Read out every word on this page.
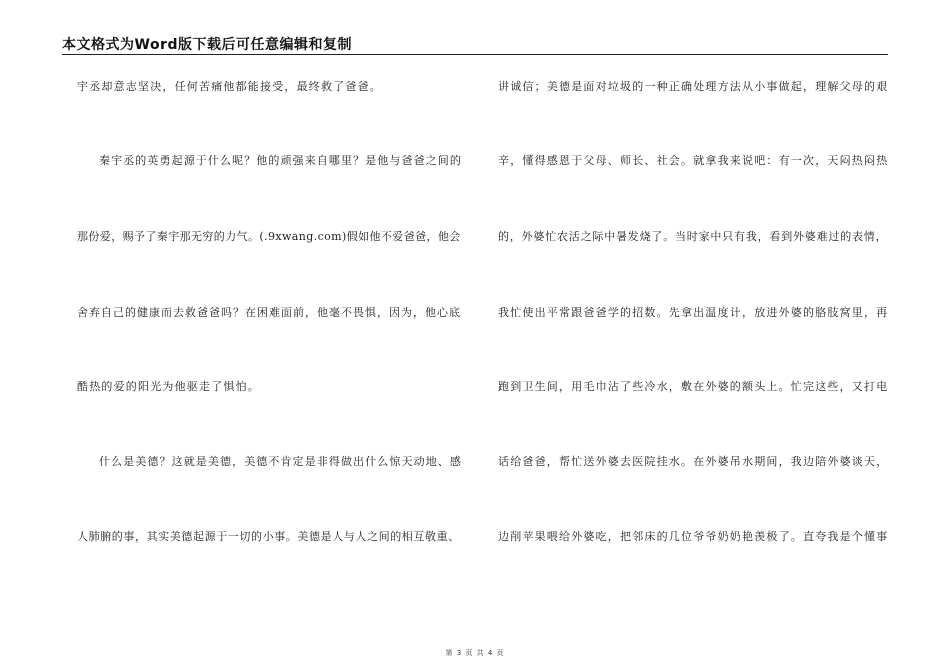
本文格式为Word版下载后可任意编辑和复制
宇丞却意志坚决，任何苦痛他都能接受，最终救了爸爸。
秦宇丞的英勇起源于什么呢？他的顽强来自哪里？是他与爸爸之间的
那份爱，赐予了秦宇那无穷的力气。(.9xwang.com)假如他不爱爸爸，他会
舍弃自己的健康而去救爸爸吗？在困难面前，他毫不畏惧，因为，他心底
酷热的爱的阳光为他驱走了惧怕。
什么是美德？这就是美德，美德不肯定是非得做出什么惊天动地、感
人肺腑的事，其实美德起源于一切的小事。美德是人与人之间的相互敬重、
讲诚信；美德是面对垃圾的一种正确处理方法从小事做起，理解父母的艰
辛，懂得感恩于父母、师长、社会。就拿我来说吧：有一次，天闷热闷热
的，外婆忙农活之际中暑发烧了。当时家中只有我，看到外婆难过的表情，
我忙使出平常跟爸爸学的招数。先拿出温度计，放进外婆的胳肢窝里，再
跑到卫生间，用毛巾沾了些冷水，敷在外婆的额头上。忙完这些，又打电
话给爸爸，帮忙送外婆去医院挂水。在外婆吊水期间，我边陪外婆谈天，
边削苹果喂给外婆吃，把邻床的几位爷爷奶奶艳羡极了。直夸我是个懂事
第 3 页 共 4 页
